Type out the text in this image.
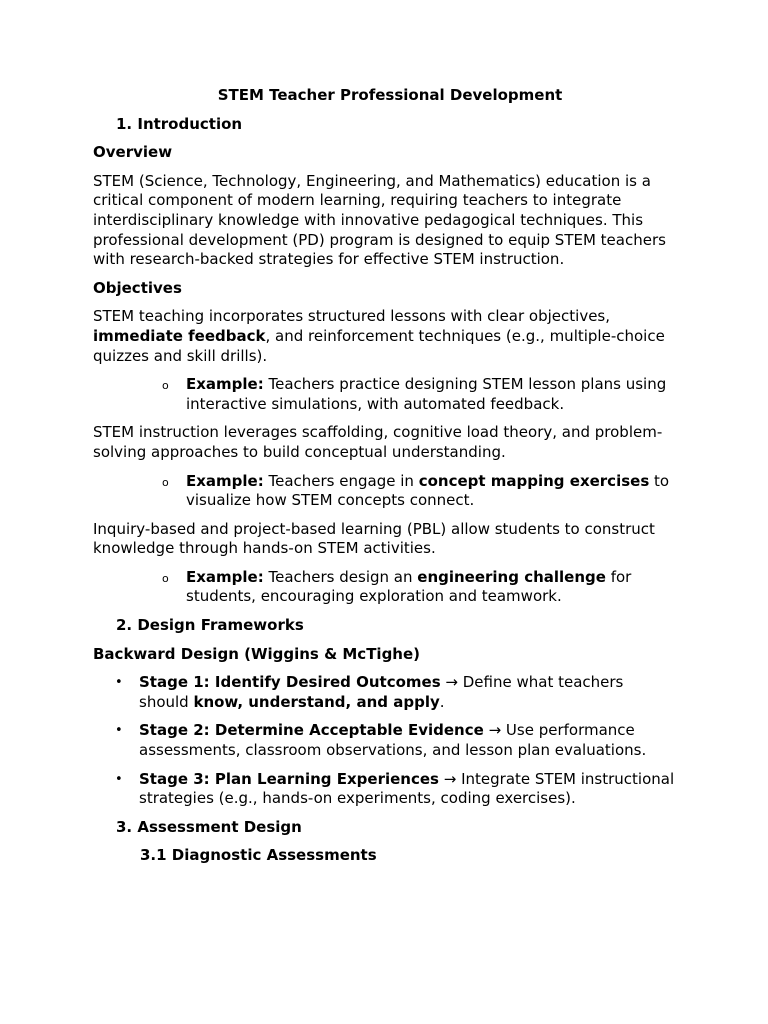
STEM Teacher Professional Development
1. Introduction
Overview
STEM (Science, Technology, Engineering, and Mathematics) education is a critical component of modern learning, requiring teachers to integrate interdisciplinary knowledge with innovative pedagogical techniques. This professional development (PD) program is designed to equip STEM teachers with research-backed strategies for effective STEM instruction.
Objectives
STEM teaching incorporates structured lessons with clear objectives, immediate feedback, and reinforcement techniques (e.g., multiple-choice quizzes and skill drills).
o Example: Teachers practice designing STEM lesson plans using interactive simulations, with automated feedback.
STEM instruction leverages scaffolding, cognitive load theory, and problem-solving approaches to build conceptual understanding.
o Example: Teachers engage in concept mapping exercises to visualize how STEM concepts connect.
Inquiry-based and project-based learning (PBL) allow students to construct knowledge through hands-on STEM activities.
o Example: Teachers design an engineering challenge for students, encouraging exploration and teamwork.
2. Design Frameworks
Backward Design (Wiggins & McTighe)
• Stage 1: Identify Desired Outcomes → Define what teachers should know, understand, and apply.
• Stage 2: Determine Acceptable Evidence → Use performance assessments, classroom observations, and lesson plan evaluations.
• Stage 3: Plan Learning Experiences → Integrate STEM instructional strategies (e.g., hands-on experiments, coding exercises).
3. Assessment Design
3.1 Diagnostic Assessments
